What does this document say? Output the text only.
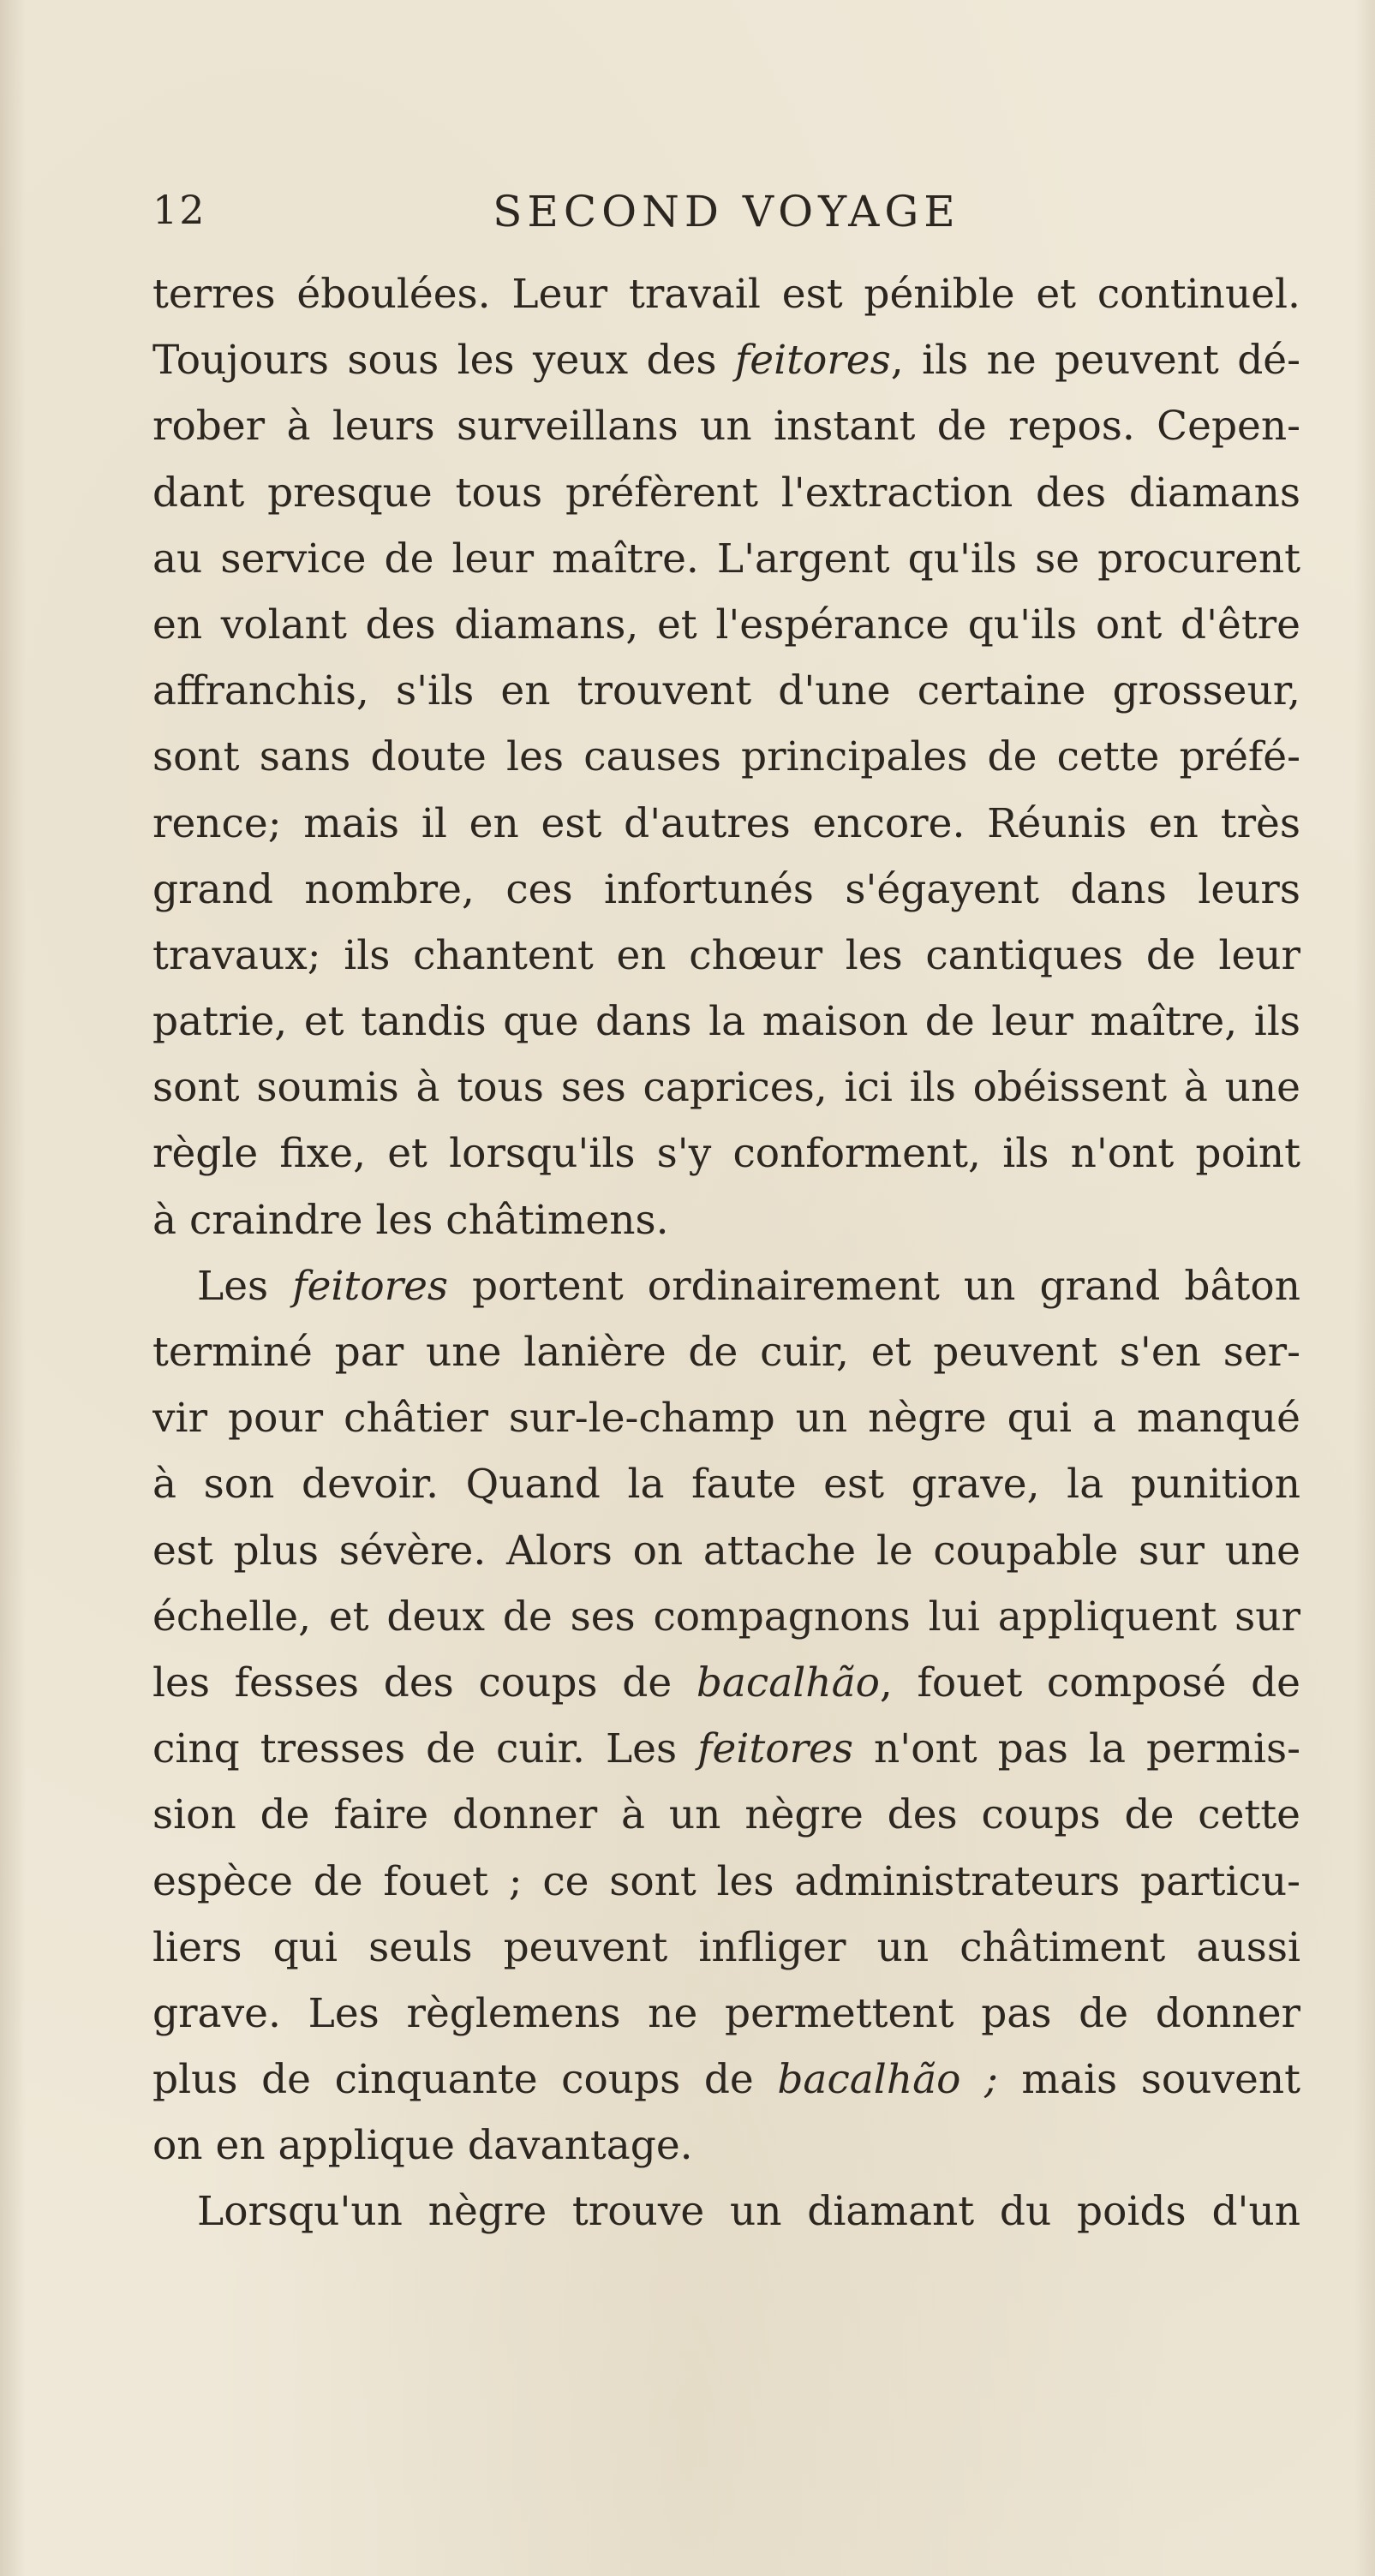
12	SECOND VOYAGE
terres éboulées. Leur travail est pénible et continuel.
Toujours sous les yeux des feitores, ils ne peuvent dé-
rober à leurs surveillans un instant de repos. Cepen-
dant presque tous préfèrent l'extraction des diamans
au service de leur maître. L'argent qu'ils se procurent
en volant des diamans, et l'espérance qu'ils ont d'être
affranchis, s'ils en trouvent d'une certaine grosseur,
sont sans doute les causes principales de cette préfé-
rence; mais il en est d'autres encore. Réunis en très
grand nombre, ces infortunés s'égayent dans leurs
travaux; ils chantent en chœur les cantiques de leur
patrie, et tandis que dans la maison de leur maître, ils
sont soumis à tous ses caprices, ici ils obéissent à une
règle fixe, et lorsqu'ils s'y conforment, ils n'ont point
à craindre les châtimens.
Les feitores portent ordinairement un grand bâton
terminé par une lanière de cuir, et peuvent s'en ser-
vir pour châtier sur-le-champ un nègre qui a manqué
à son devoir. Quand la faute est grave, la punition
est plus sévère. Alors on attache le coupable sur une
échelle, et deux de ses compagnons lui appliquent sur
les fesses des coups de bacalhão, fouet composé de
cinq tresses de cuir. Les feitores n'ont pas la permis-
sion de faire donner à un nègre des coups de cette
espèce de fouet ; ce sont les administrateurs particu-
liers qui seuls peuvent infliger un châtiment aussi
grave. Les règlemens ne permettent pas de donner
plus de cinquante coups de bacalhão ; mais souvent
on en applique davantage.
Lorsqu'un nègre trouve un diamant du poids d'un
